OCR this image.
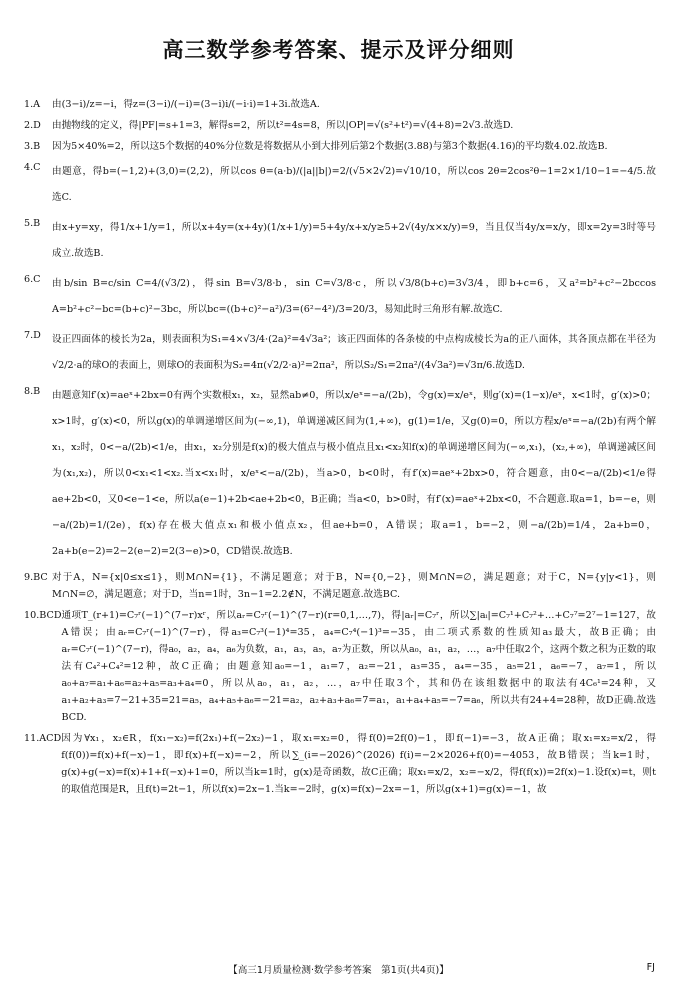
高三数学参考答案、提示及评分细则
1.A	由(3−i)/z=−i，得z=(3−i)/(−i)=(3−i)i/(−i·i)=1+3i.故选A.
2.D	由抛物线的定义，得|PF|=s+1=3，解得s=2，所以t²=4s=8，所以|OP|=√(s²+t²)=√(4+8)=2√3.故选D.
3.B	因为5×40%=2，所以这5个数据的40%分位数是将数据从小到大排列后第2个数据(3.88)与第3个数据(4.16)的平均数4.02.故选B.
4.C	由题意，得b=(−1,2)+(3,0)=(2,2)，所以cos θ=(a·b)/(|a||b|)=2/(√5×2√2)=√10/10，所以cos 2θ=2cos²θ−1=2×1/10−1=−4/5.故选C.
5.B	由x+y=xy，得1/x+1/y=1，所以x+4y=(x+4y)(1/x+1/y)=5+4y/x+x/y≥5+2√(4y/x×x/y)=9，当且仅当4y/x=x/y，即x=2y=3时等号成立.故选B.
6.C	由b/sin B=c/sin C=4/(√3/2)，得sin B=√3/8·b，sin C=√3/8·c，所以√3/8(b+c)=3√3/4，即b+c=6，又a²=b²+c²−2bccos A=b²+c²−bc=(b+c)²−3bc，所以bc=((b+c)²−a²)/3=(6²−4²)/3=20/3，易知此时三角形有解.故选C.
7.D	设正四面体的棱长为2a，则表面积为S₁=4×√3/4·(2a)²=4√3a²；该正四面体的各条棱的中点构成棱长为a的正八面体，其各顶点都在半径为√2/2·a的球O的表面上，则球O的表面积为S₂=4π(√2/2·a)²=2πa²，所以S₂/S₁=2πa²/(4√3a²)=√3π/6.故选D.
8.B	由题意知f′(x)=aeˣ+2bx=0有两个实数根x₁，x₂，显然ab≠0，所以x/eˣ=−a/(2b)，令g(x)=x/eˣ，则g′(x)=(1−x)/eˣ，x<1时，g′(x)>0；x>1时，g′(x)<0，所以g(x)的单调递增区间为(−∞,1)，单调递减区间为(1,+∞)，g(1)=1/e，又g(0)=0，所以方程x/eˣ=−a/(2b)有两个解x₁，x₂时，0<−a/(2b)<1/e，由x₁，x₂分别是f(x)的极大值点与极小值点且x₁<x₂知f(x)的单调递增区间为(−∞,x₁)，(x₂,+∞)，单调递减区间为(x₁,x₂)，所以0<x₁<1<x₂.当x<x₁时，x/eˣ<−a/(2b)，当a>0，b<0时，有f′(x)=aeˣ+2bx>0，符合题意，由0<−a/(2b)<1/e得ae+2b<0，又0<e−1<e，所以a(e−1)+2b<ae+2b<0，B正确；当a<0，b>0时，有f′(x)=aeˣ+2bx<0，不合题意.取a=1，b=−e，则−a/(2b)=1/(2e)，f(x)存在极大值点x₁和极小值点x₂，但ae+b=0，A错误；取a=1，b=−2，则−a/(2b)=1/4，2a+b=0，2a+b(e−2)=2−2(e−2)=2(3−e)>0，CD错误.故选B.
9.BC 对于A，N={x|0≤x≤1}，则M∩N={1}，不满足题意；对于B，N={0,−2}，则M∩N=∅，满足题意；对于C，N={y|y<1}，则M∩N=∅，满足题意；对于D，当n=1时，3n−1=2.2∉N，不满足题意.故选BC.
10.BCD 通项T_(r+1)=C₇ʳ(−1)^(7−r)xʳ，所以aᵣ=C₇ʳ(−1)^(7−r)(r=0,1,…,7)，得|aᵣ|=C₇ʳ，所以∑|aᵢ|=C₇¹+C₇²+…+C₇⁷=2⁷−1=127，故A错误；由aᵣ=C₇ʳ(−1)^(7−r)，得a₃=C₇³(−1)⁴=35，a₄=C₇⁴(−1)³=−35，由二项式系数的性质知a₃最大，故B正确；由aᵣ=C₇ʳ(−1)^(7−r)，得a₀，a₂，a₄，a₆为负数，a₁，a₃，a₅，a₇为正数，所以从a₀，a₁，a₂，…，a₇中任取2个，这两个数之积为正数的取法有C₄²+C₄²=12种，故C正确；由题意知a₀=−1，a₁=7，a₂=−21，a₃=35，a₄=−35，a₅=21，a₆=−7，a₇=1，所以a₀+a₇=a₁+a₆=a₂+a₅=a₃+a₄=0，所以从a₀，a₁，a₂，…，a₇中任取3个，其和仍在该组数据中的取法有4C₆¹=24种，又a₁+a₂+a₃=7−21+35=21=a₅，a₄+a₅+a₆=−21=a₂，a₂+a₃+a₆=7=a₁，a₁+a₄+a₅=−7=a₆，所以共有24+4=28种，故D正确.故选BCD.
11.ACD 因为∀x₁，x₂∈R，f(x₁−x₂)=f(2x₁)+f(−2x₂)−1，取x₁=x₂=0，得f(0)=2f(0)−1，即f(−1)=−3，故A正确；取x₁=x₂=x/2，得f(f(0))=f(x)+f(−x)−1，即f(x)+f(−x)=−2，所以∑_(i=−2026)^(2026) f(i)=−2×2026+f(0)=−4053，故B错误；当k=1时，g(x)+g(−x)=f(x)+1+f(−x)+1=0，所以当k=1时，g(x)是奇函数，故C正确；取x₁=x/2，x₂=−x/2，得f(f(x))=2f(x)−1.设f(x)=t，则t的取值范围是R，且f(t)=2t−1，所以f(x)=2x−1.当k=−2时，g(x)=f(x)−2x=−1，所以g(x+1)=g(x)=−1，故
【高三1月质量检测·数学参考答案　第1页(共4页)】	FJ
